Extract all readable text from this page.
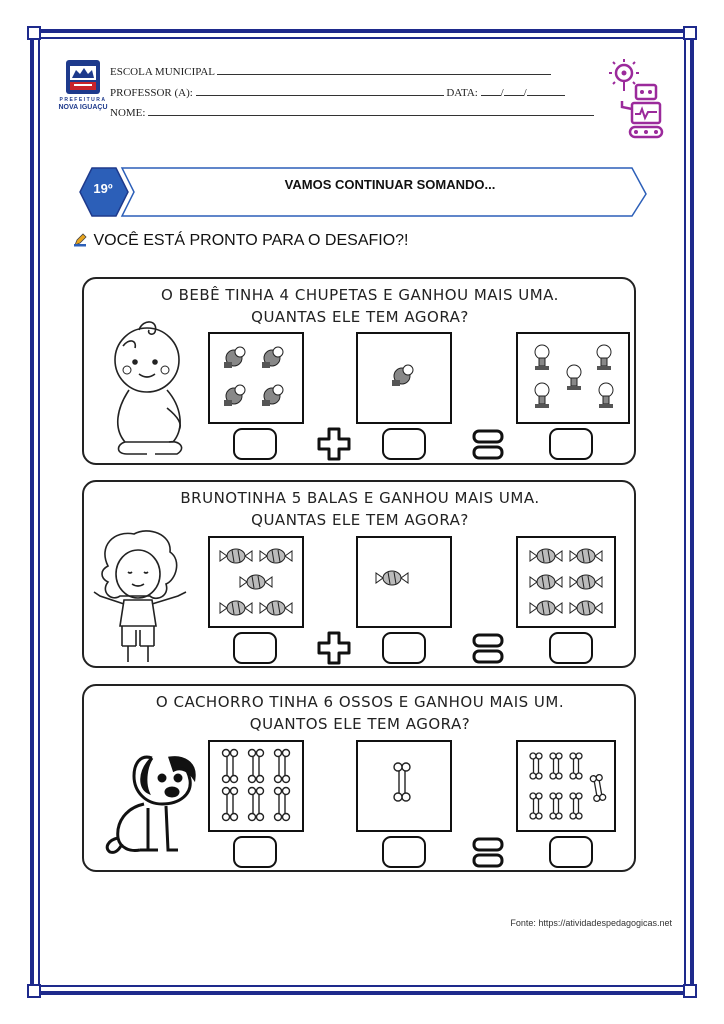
PREFEITURA
NOVA IGUAÇU
ESCOLA MUNICIPAL
PROFESSOR (A):	DATA: / /
NOME:
19º	VAMOS CONTINUAR SOMANDO...
VOCÊ ESTÁ PRONTO PARA O DESAFIO?!
O BEBÊ TINHA 4 CHUPETAS E GANHOU MAIS UMA.
QUANTAS ELE TEM AGORA?
BRUNOTINHA 5 BALAS E GANHOU MAIS UMA.
QUANTAS ELE TEM AGORA?
O CACHORRO TINHA 6 OSSOS E GANHOU MAIS UM.
QUANTOS ELE TEM AGORA?
Fonte: https://atividadespedagogicas.net
